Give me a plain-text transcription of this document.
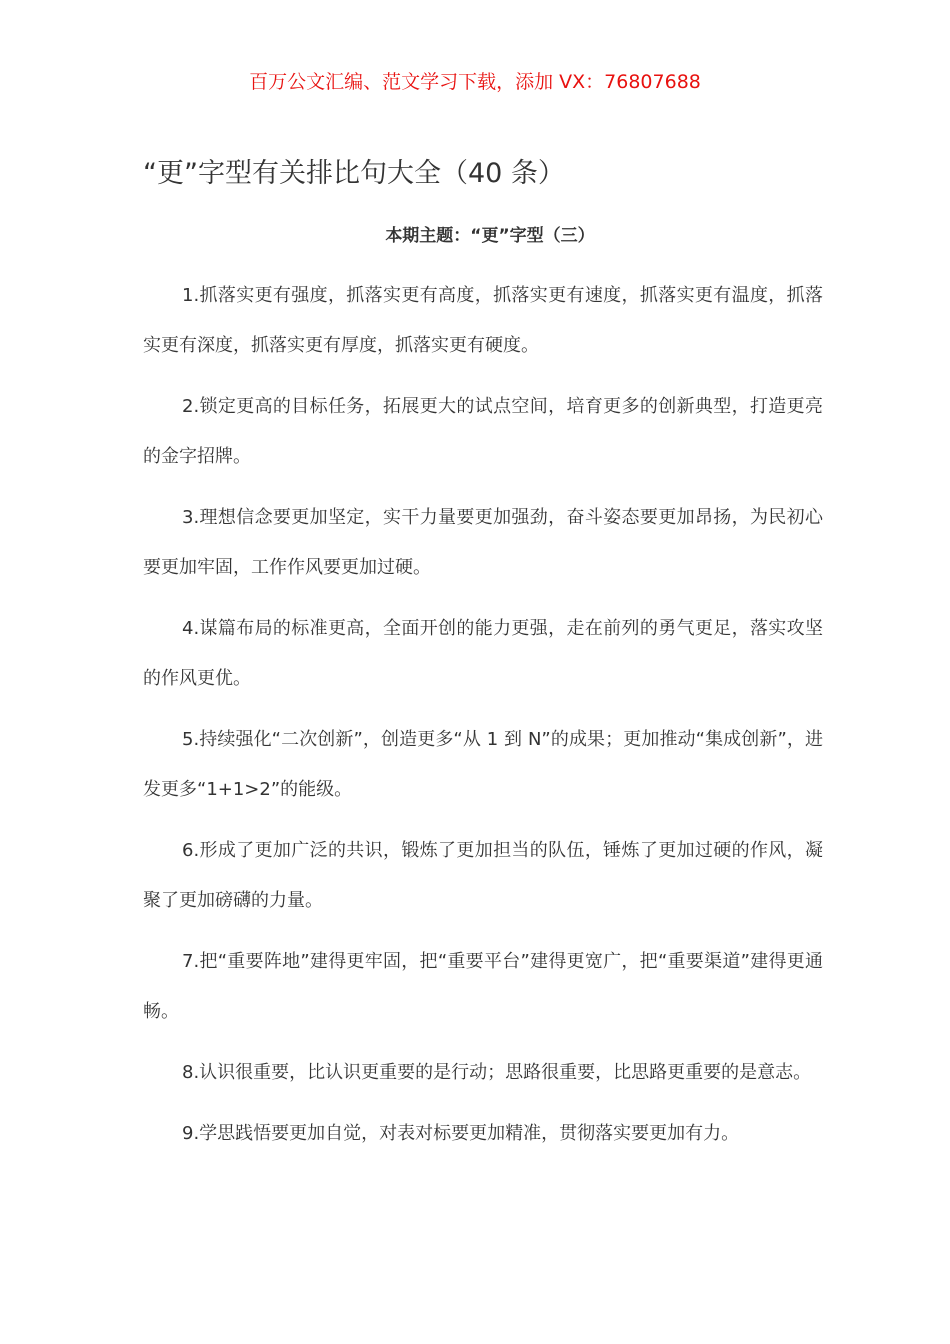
百万公文汇编、范文学习下载，添加 VX：76807688
“更”字型有关排比句大全（40 条）
本期主题：“更”字型（三）

1.抓落实更有强度，抓落实更有高度，抓落实更有速度，抓落实更有温度，抓落实更有深度，抓落实更有厚度，抓落实更有硬度。

2.锁定更高的目标任务，拓展更大的试点空间，培育更多的创新典型，打造更亮的金字招牌。

3.理想信念要更加坚定，实干力量要更加强劲，奋斗姿态要更加昂扬，为民初心要更加牢固，工作作风要更加过硬。

4.谋篇布局的标准更高，全面开创的能力更强，走在前列的勇气更足，落实攻坚的作风更优。

5.持续强化“二次创新”，创造更多“从 1 到 N”的成果；更加推动“集成创新”，进发更多“1+1>2”的能级。

6.形成了更加广泛的共识，锻炼了更加担当的队伍，锤炼了更加过硬的作风，凝聚了更加磅礴的力量。

7.把“重要阵地”建得更牢固，把“重要平台”建得更宽广，把“重要渠道”建得更通畅。

8.认识很重要，比认识更重要的是行动；思路很重要，比思路更重要的是意志。

9.学思践悟要更加自觉，对表对标要更加精准，贯彻落实要更加有力。
